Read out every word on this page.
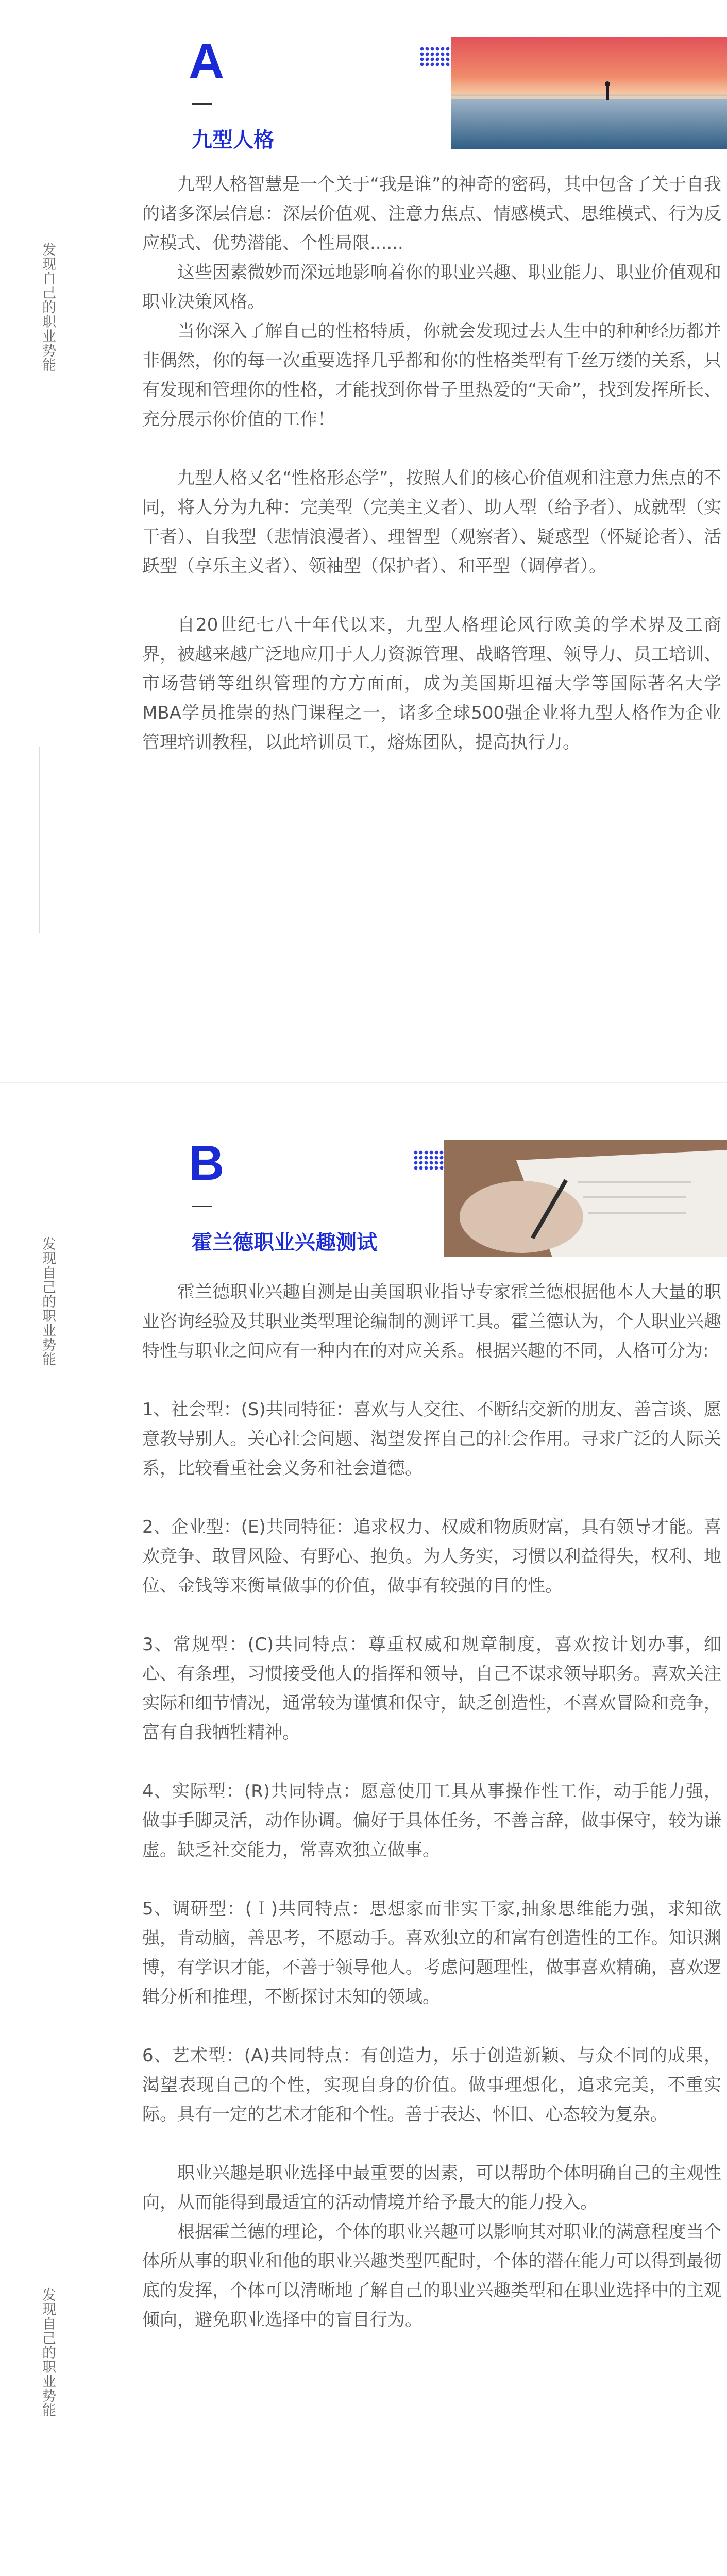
发现自己的职业势能
A
九型人格

九型人格智慧是一个关于“我是谁”的神奇的密码，其中包含了关于自我的诸多深层信息：深层价值观、注意力焦点、情感模式、思维模式、行为反应模式、优势潜能、个性局限......

这些因素微妙而深远地影响着你的职业兴趣、职业能力、职业价值观和职业决策风格。

当你深入了解自己的性格特质，你就会发现过去人生中的种种经历都并非偶然，你的每一次重要选择几乎都和你的性格类型有千丝万缕的关系，只有发现和管理你的性格，才能找到你骨子里热爱的“天命”，找到发挥所长、充分展示你价值的工作！

九型人格又名“性格形态学”，按照人们的核心价值观和注意力焦点的不同，将人分为九种：完美型（完美主义者）、助人型（给予者）、成就型（实干者）、自我型（悲情浪漫者）、理智型（观察者）、疑惑型（怀疑论者）、活跃型（享乐主义者）、领袖型（保护者）、和平型（调停者）。

自20世纪七八十年代以来，九型人格理论风行欧美的学术界及工商界，被越来越广泛地应用于人力资源管理、战略管理、领导力、员工培训、市场营销等组织管理的方方面面，成为美国斯坦福大学等国际著名大学MBA学员推崇的热门课程之一，诸多全球500强企业将九型人格作为企业管理培训教程，以此培训员工，熔炼团队，提高执行力。

发现自己的职业势能
发现自己的职业势能
B
霍兰德职业兴趣测试

霍兰德职业兴趣自测是由美国职业指导专家霍兰德根据他本人大量的职业咨询经验及其职业类型理论编制的测评工具。霍兰德认为，个人职业兴趣特性与职业之间应有一种内在的对应关系。根据兴趣的不同，人格可分为:

1、社会型：(S)共同特征：喜欢与人交往、不断结交新的朋友、善言谈、愿意教导别人。关心社会问题、渴望发挥自己的社会作用。寻求广泛的人际关系，比较看重社会义务和社会道德。

2、企业型：(E)共同特征：追求权力、权威和物质财富，具有领导才能。喜欢竞争、敢冒风险、有野心、抱负。为人务实，习惯以利益得失，权利、地位、金钱等来衡量做事的价值，做事有较强的目的性。

3、常规型：(C)共同特点：尊重权威和规章制度，喜欢按计划办事，细心、有条理，习惯接受他人的指挥和领导，自己不谋求领导职务。喜欢关注实际和细节情况，通常较为谨慎和保守，缺乏创造性，不喜欢冒险和竞争，富有自我牺牲精神。

4、实际型：(R)共同特点：愿意使用工具从事操作性工作，动手能力强，做事手脚灵活，动作协调。偏好于具体任务，不善言辞，做事保守，较为谦虚。缺乏社交能力，常喜欢独立做事。

5、调研型：(Ｉ)共同特点：思想家而非实干家,抽象思维能力强，求知欲强，肯动脑，善思考，不愿动手。喜欢独立的和富有创造性的工作。知识渊博，有学识才能，不善于领导他人。考虑问题理性，做事喜欢精确，喜欢逻辑分析和推理，不断探讨未知的领域。

6、艺术型：(A)共同特点：有创造力，乐于创造新颖、与众不同的成果，渴望表现自己的个性，实现自身的价值。做事理想化，追求完美，不重实际。具有一定的艺术才能和个性。善于表达、怀旧、心态较为复杂。

职业兴趣是职业选择中最重要的因素，可以帮助个体明确自己的主观性向，从而能得到最适宜的活动情境并给予最大的能力投入。

根据霍兰德的理论，个体的职业兴趣可以影响其对职业的满意程度当个体所从事的职业和他的职业兴趣类型匹配时，个体的潜在能力可以得到最彻底的发挥，个体可以清晰地了解自己的职业兴趣类型和在职业选择中的主观倾向，避免职业选择中的盲目行为。
